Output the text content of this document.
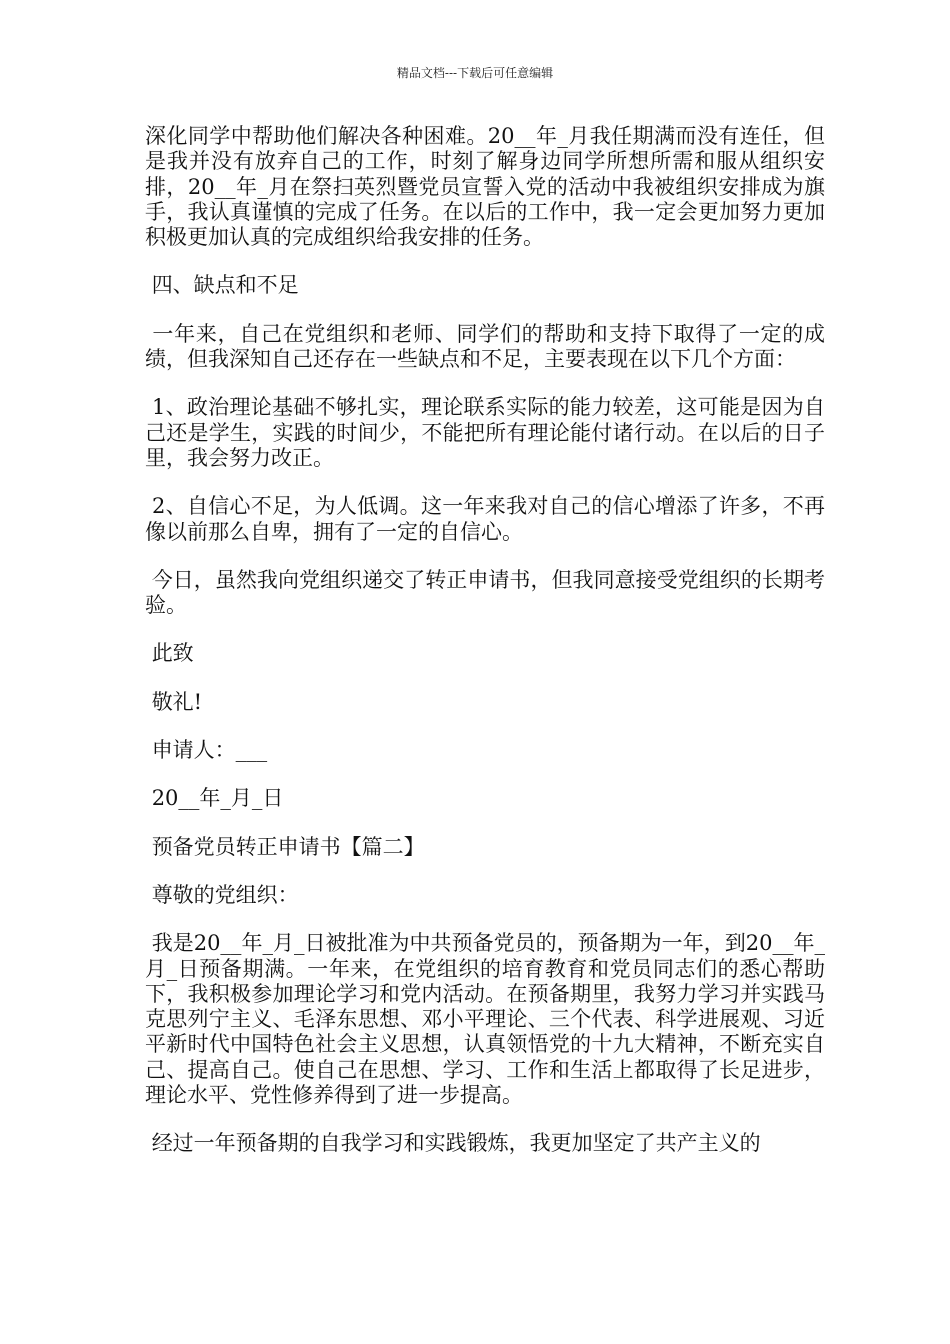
精品文档---下载后可任意编辑

深化同学中帮助他们解决各种困难。20__年_月我任期满而没有连任，但是我并没有放弃自己的工作，时刻了解身边同学所想所需和服从组织安排，20__年_月在祭扫英烈暨党员宣誓入党的活动中我被组织安排成为旗手，我认真谨慎的完成了任务。在以后的工作中，我一定会更加努力更加积极更加认真的完成组织给我安排的任务。

四、缺点和不足

一年来，自己在党组织和老师、同学们的帮助和支持下取得了一定的成绩，但我深知自己还存在一些缺点和不足，主要表现在以下几个方面：

1、政治理论基础不够扎实，理论联系实际的能力较差，这可能是因为自己还是学生，实践的时间少，不能把所有理论能付诸行动。在以后的日子里，我会努力改正。

2、自信心不足，为人低调。这一年来我对自己的信心增添了许多，不再像以前那么自卑，拥有了一定的自信心。

今日，虽然我向党组织递交了转正申请书，但我同意接受党组织的长期考验。

此致

敬礼!

申请人：___

20__年_月_日

预备党员转正申请书【篇二】

尊敬的党组织：

我是20__年_月_日被批准为中共预备党员的，预备期为一年，到20__年_月_日预备期满。一年来，在党组织的培育教育和党员同志们的悉心帮助下，我积极参加理论学习和党内活动。在预备期里，我努力学习并实践马克思列宁主义、毛泽东思想、邓小平理论、三个代表、科学进展观、习近平新时代中国特色社会主义思想，认真领悟党的十九大精神，不断充实自己、提高自己。使自己在思想、学习、工作和生活上都取得了长足进步，理论水平、党性修养得到了进一步提高。

经过一年预备期的自我学习和实践锻炼，我更加坚定了共产主义的
